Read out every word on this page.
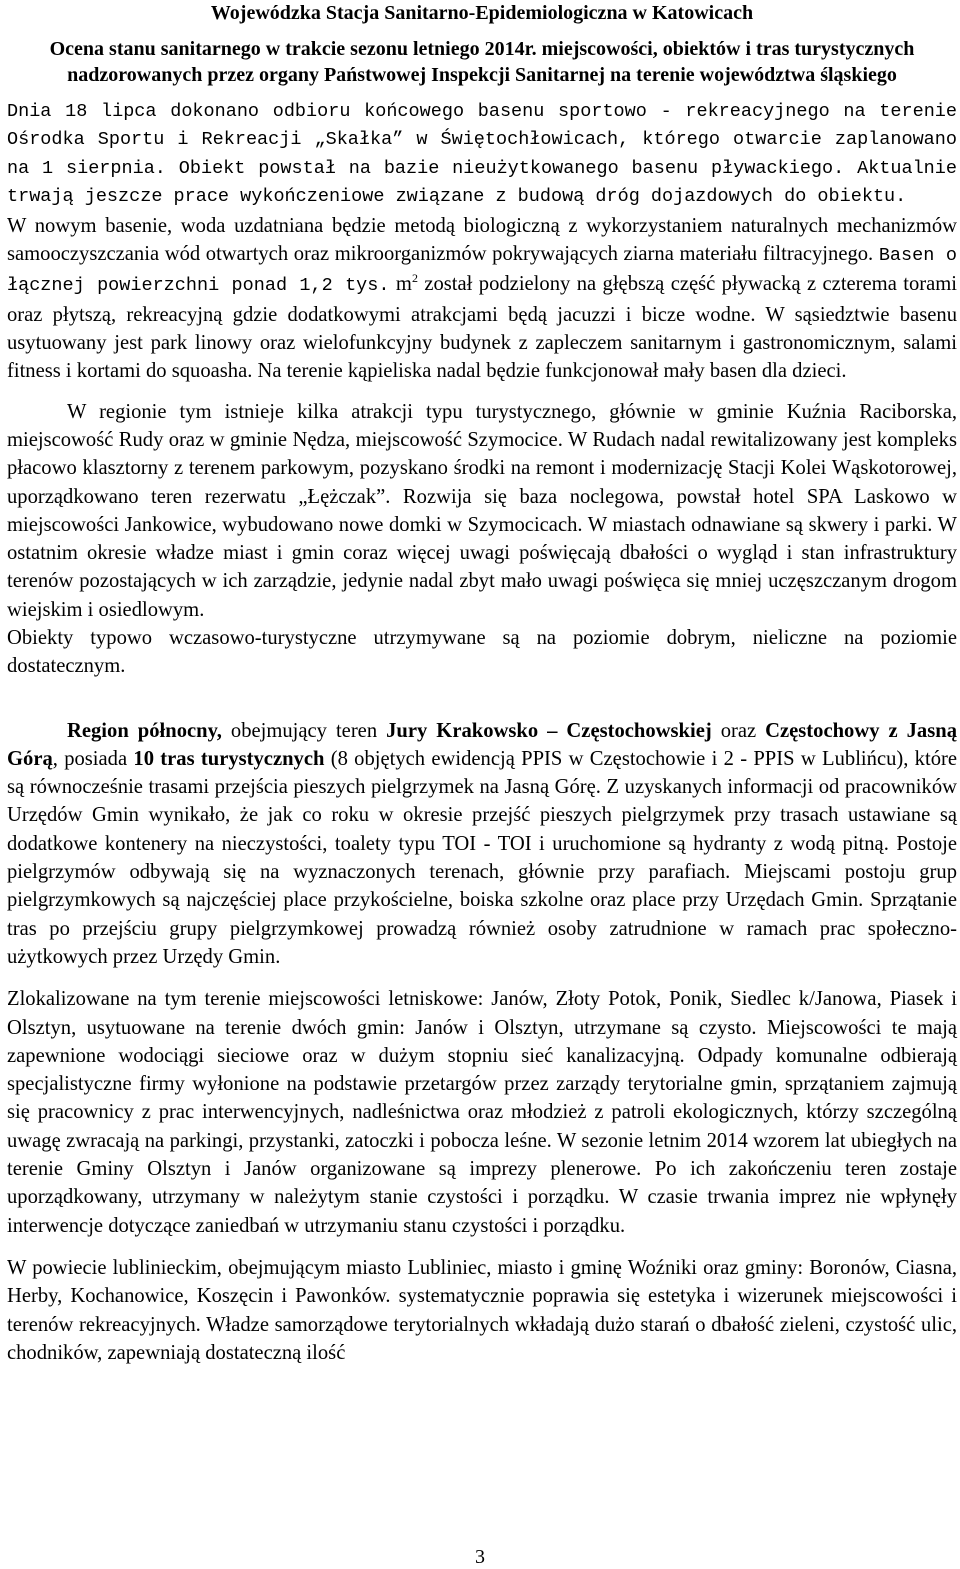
Wojewódzka Stacja Sanitarno-Epidemiologiczna w Katowicach
Ocena stanu sanitarnego w trakcie sezonu letniego 2014r. miejscowości, obiektów i tras turystycznych nadzorowanych przez organy Państwowej Inspekcji Sanitarnej na terenie województwa śląskiego

Dnia 18 lipca dokonano odbioru końcowego basenu sportowo - rekreacyjnego na terenie Ośrodka Sportu i Rekreacji „Skałka” w Świętochłowicach, którego otwarcie zaplanowano na 1 sierpnia. Obiekt powstał na bazie nieużytkowanego basenu pływackiego. Aktualnie trwają jeszcze prace wykończeniowe związane z budową dróg dojazdowych do obiektu.

W nowym basenie, woda uzdatniana będzie metodą biologiczną z wykorzystaniem naturalnych mechanizmów samooczyszczania wód otwartych oraz mikroorganizmów pokrywających ziarna materiału filtracyjnego. Basen o łącznej powierzchni ponad 1,2 tys. $m^2$ został podzielony na głębszą część pływacką z czterema torami oraz płytszą, rekreacyjną gdzie dodatkowymi atrakcjami będą jacuzzi i bicze wodne. W sąsiedztwie basenu usytuowany jest park linowy oraz wielofunkcyjny budynek z zapleczem sanitarnym i gastronomicznym, salami fitness i kortami do squoasha. Na terenie kąpieliska nadal będzie funkcjonował mały basen dla dzieci.

W regionie tym istnieje kilka atrakcji typu turystycznego, głównie w gminie Kuźnia Raciborska, miejscowość Rudy oraz w gminie Nędza, miejscowość Szymocice. W Rudach nadal rewitalizowany jest kompleks płacowo klasztorny z terenem parkowym, pozyskano środki na remont i modernizację Stacji Kolei Wąskotorowej, uporządkowano teren rezerwatu „Łężczak”. Rozwija się baza noclegowa, powstał hotel SPA Laskowo w miejscowości Jankowice, wybudowano nowe domki w Szymocicach. W miastach odnawiane są skwery i parki. W ostatnim okresie władze miast i gmin coraz więcej uwagi poświęcają dbałości o wygląd i stan infrastruktury terenów pozostających w ich zarządzie, jedynie nadal zbyt mało uwagi poświęca się mniej uczęszczanym drogom wiejskim i osiedlowym.

Obiekty typowo wczasowo-turystyczne utrzymywane są na poziomie dobrym, nieliczne na poziomie dostatecznym.

Region północny, obejmujący teren Jury Krakowsko – Częstochowskiej oraz Częstochowy z Jasną Górą, posiada 10 tras turystycznych (8 objętych ewidencją PPIS w Częstochowie i 2 - PPIS w Lublińcu), które są równocześnie trasami przejścia pieszych pielgrzymek na Jasną Górę. Z uzyskanych informacji od pracowników Urzędów Gmin wynikało, że jak co roku w okresie przejść pieszych pielgrzymek przy trasach ustawiane są dodatkowe kontenery na nieczystości, toalety typu TOI - TOI i uruchomione są hydranty z wodą pitną. Postoje pielgrzymów odbywają się na wyznaczonych terenach, głównie przy parafiach. Miejscami postoju grup pielgrzymkowych są najczęściej place przykościelne, boiska szkolne oraz place przy Urzędach Gmin. Sprzątanie tras po przejściu grupy pielgrzymkowej prowadzą również osoby zatrudnione w ramach prac społeczno-użytkowych przez Urzędy Gmin.

Zlokalizowane na tym terenie miejscowości letniskowe: Janów, Złoty Potok, Ponik, Siedlec k/Janowa, Piasek i Olsztyn, usytuowane na terenie dwóch gmin: Janów i Olsztyn, utrzymane są czysto. Miejscowości te mają zapewnione wodociągi sieciowe oraz w dużym stopniu sieć kanalizacyjną. Odpady komunalne odbierają specjalistyczne firmy wyłonione na podstawie przetargów przez zarządy terytorialne gmin, sprzątaniem zajmują się pracownicy z prac interwencyjnych, nadleśnictwa oraz młodzież z patroli ekologicznych, którzy szczególną uwagę zwracają na parkingi, przystanki, zatoczki i pobocza leśne. W sezonie letnim 2014 wzorem lat ubiegłych na terenie Gminy Olsztyn i Janów organizowane są imprezy plenerowe. Po ich zakończeniu teren zostaje uporządkowany, utrzymany w należytym stanie czystości i porządku. W czasie trwania imprez nie wpłynęły interwencje dotyczące zaniedbań w utrzymaniu stanu czystości i porządku.

W powiecie lublinieckim, obejmującym miasto Lubliniec, miasto i gminę Woźniki oraz gminy: Boronów, Ciasna, Herby, Kochanowice, Koszęcin i Pawonków. systematycznie poprawia się estetyka i wizerunek miejscowości i terenów rekreacyjnych. Władze samorządowe terytorialnych wkładają dużo starań o dbałość zieleni, czystość ulic, chodników, zapewniają dostateczną ilość

3
